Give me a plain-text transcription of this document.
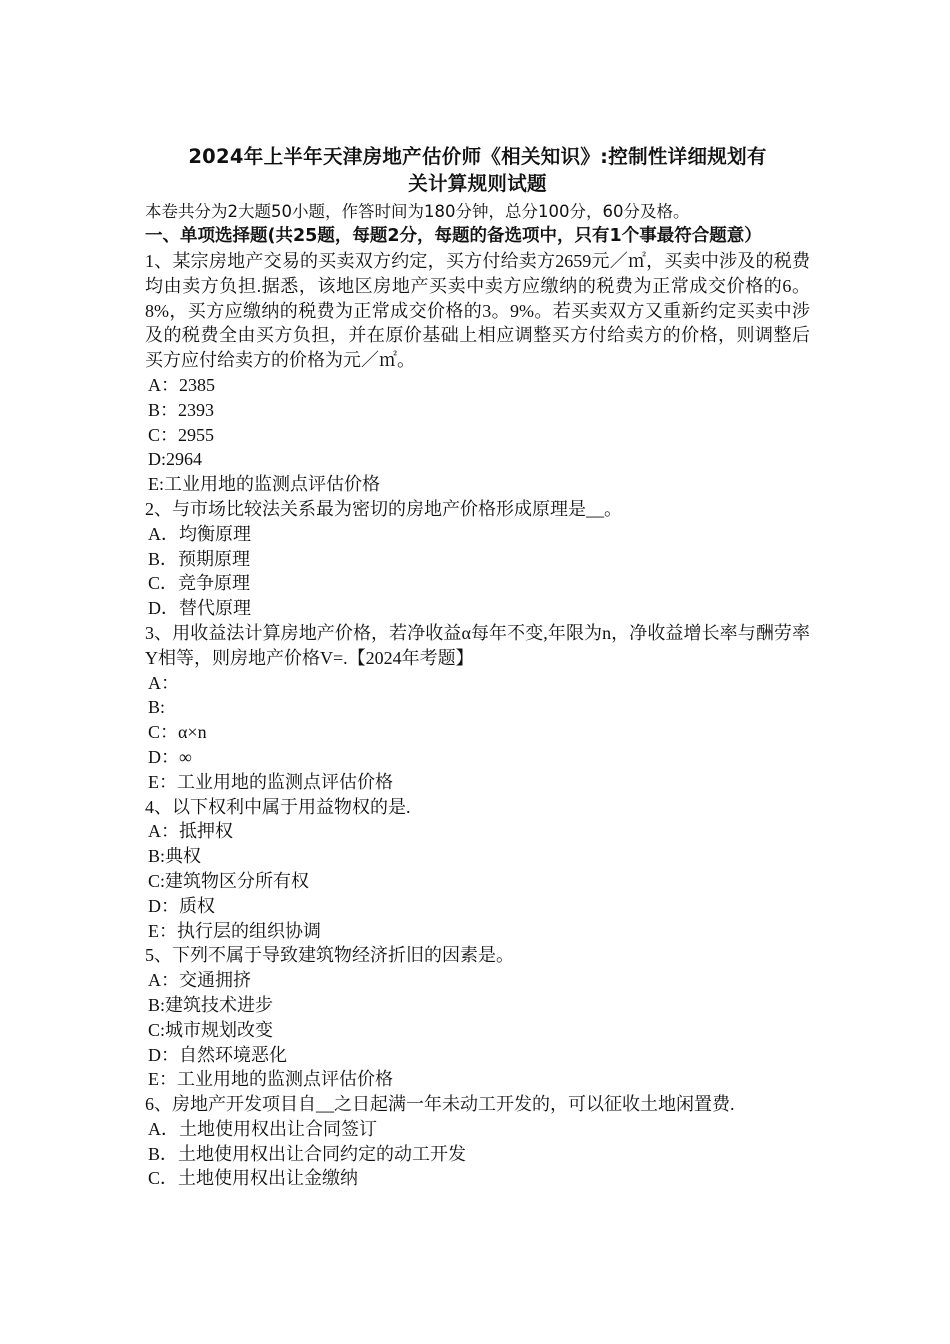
2024年上半年天津房地产估价师《相关知识》:控制性详细规划有
关计算规则试题

本卷共分为2大题50小题，作答时间为180分钟，总分100分，60分及格。

一、单项选择题(共25题，每题2分，每题的备选项中，只有1个事最符合题意）

1、某宗房地产交易的买卖双方约定，买方付给卖方2659元／㎡，买卖中涉及的税费均由卖方负担.据悉，该地区房地产买卖中卖方应缴纳的税费为正常成交价格的6。8%，买方应缴纳的税费为正常成交价格的3。9%。若买卖双方又重新约定买卖中涉及的税费全由买方负担，并在原价基础上相应调整买方付给卖方的价格，则调整后买方应付给卖方的价格为元／㎡。

A：2385

B：2393

C：2955

D:2964

E:工业用地的监测点评估价格

2、与市场比较法关系最为密切的房地产价格形成原理是__。

A．均衡原理

B．预期原理

C．竞争原理

D．替代原理

3、用收益法计算房地产价格，若净收益α每年不变,年限为n，净收益增长率与酬劳率Y相等，则房地产价格V=.【2024年考题】

A：

B:

C：α×n

D：∞

E：工业用地的监测点评估价格

4、以下权利中属于用益物权的是.

A：抵押权

B:典权

C:建筑物区分所有权

D：质权

E：执行层的组织协调

5、下列不属于导致建筑物经济折旧的因素是。

A：交通拥挤

B:建筑技术进步

C:城市规划改变

D：自然环境恶化

E：工业用地的监测点评估价格

6、房地产开发项目自__之日起满一年未动工开发的，可以征收土地闲置费.

A．土地使用权出让合同签订

B．土地使用权出让合同约定的动工开发

C．土地使用权出让金缴纳
